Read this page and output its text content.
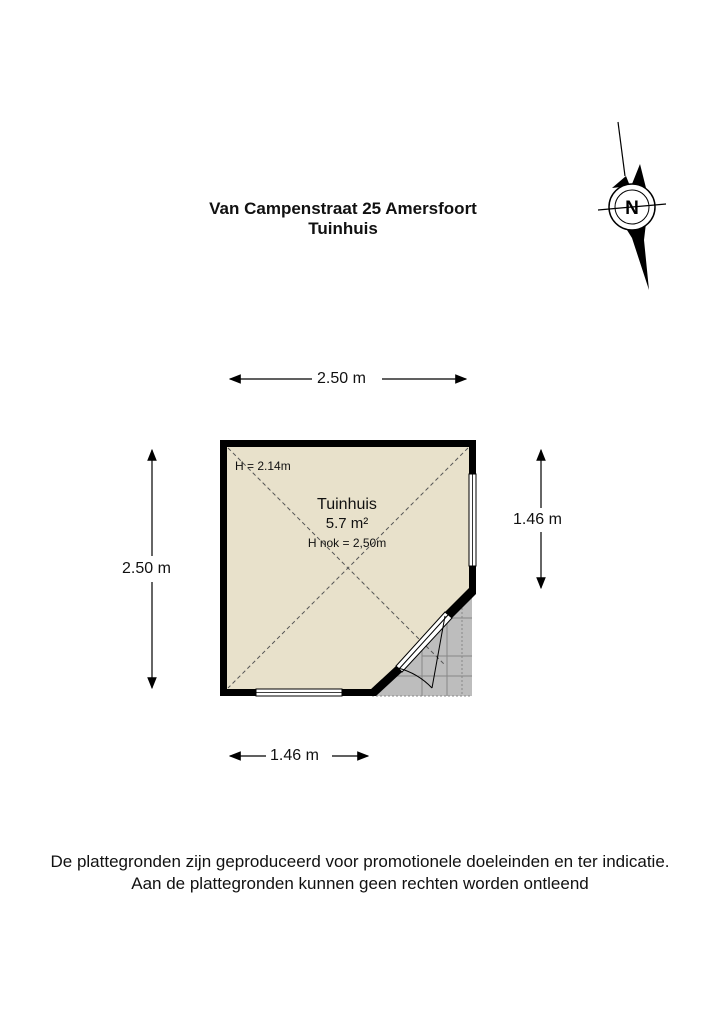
Van Campenstraat 25 Amersfoort
Tuinhuis
N
2.50 m
2.50 m
1.46 m
1.46 m
Tuinhuis
5.7 m²
H nok = 2,50m
H = 2.14m
De plattegronden zijn geproduceerd voor promotionele doeleinden en ter indicatie.
Aan de plattegronden kunnen geen rechten worden ontleend
